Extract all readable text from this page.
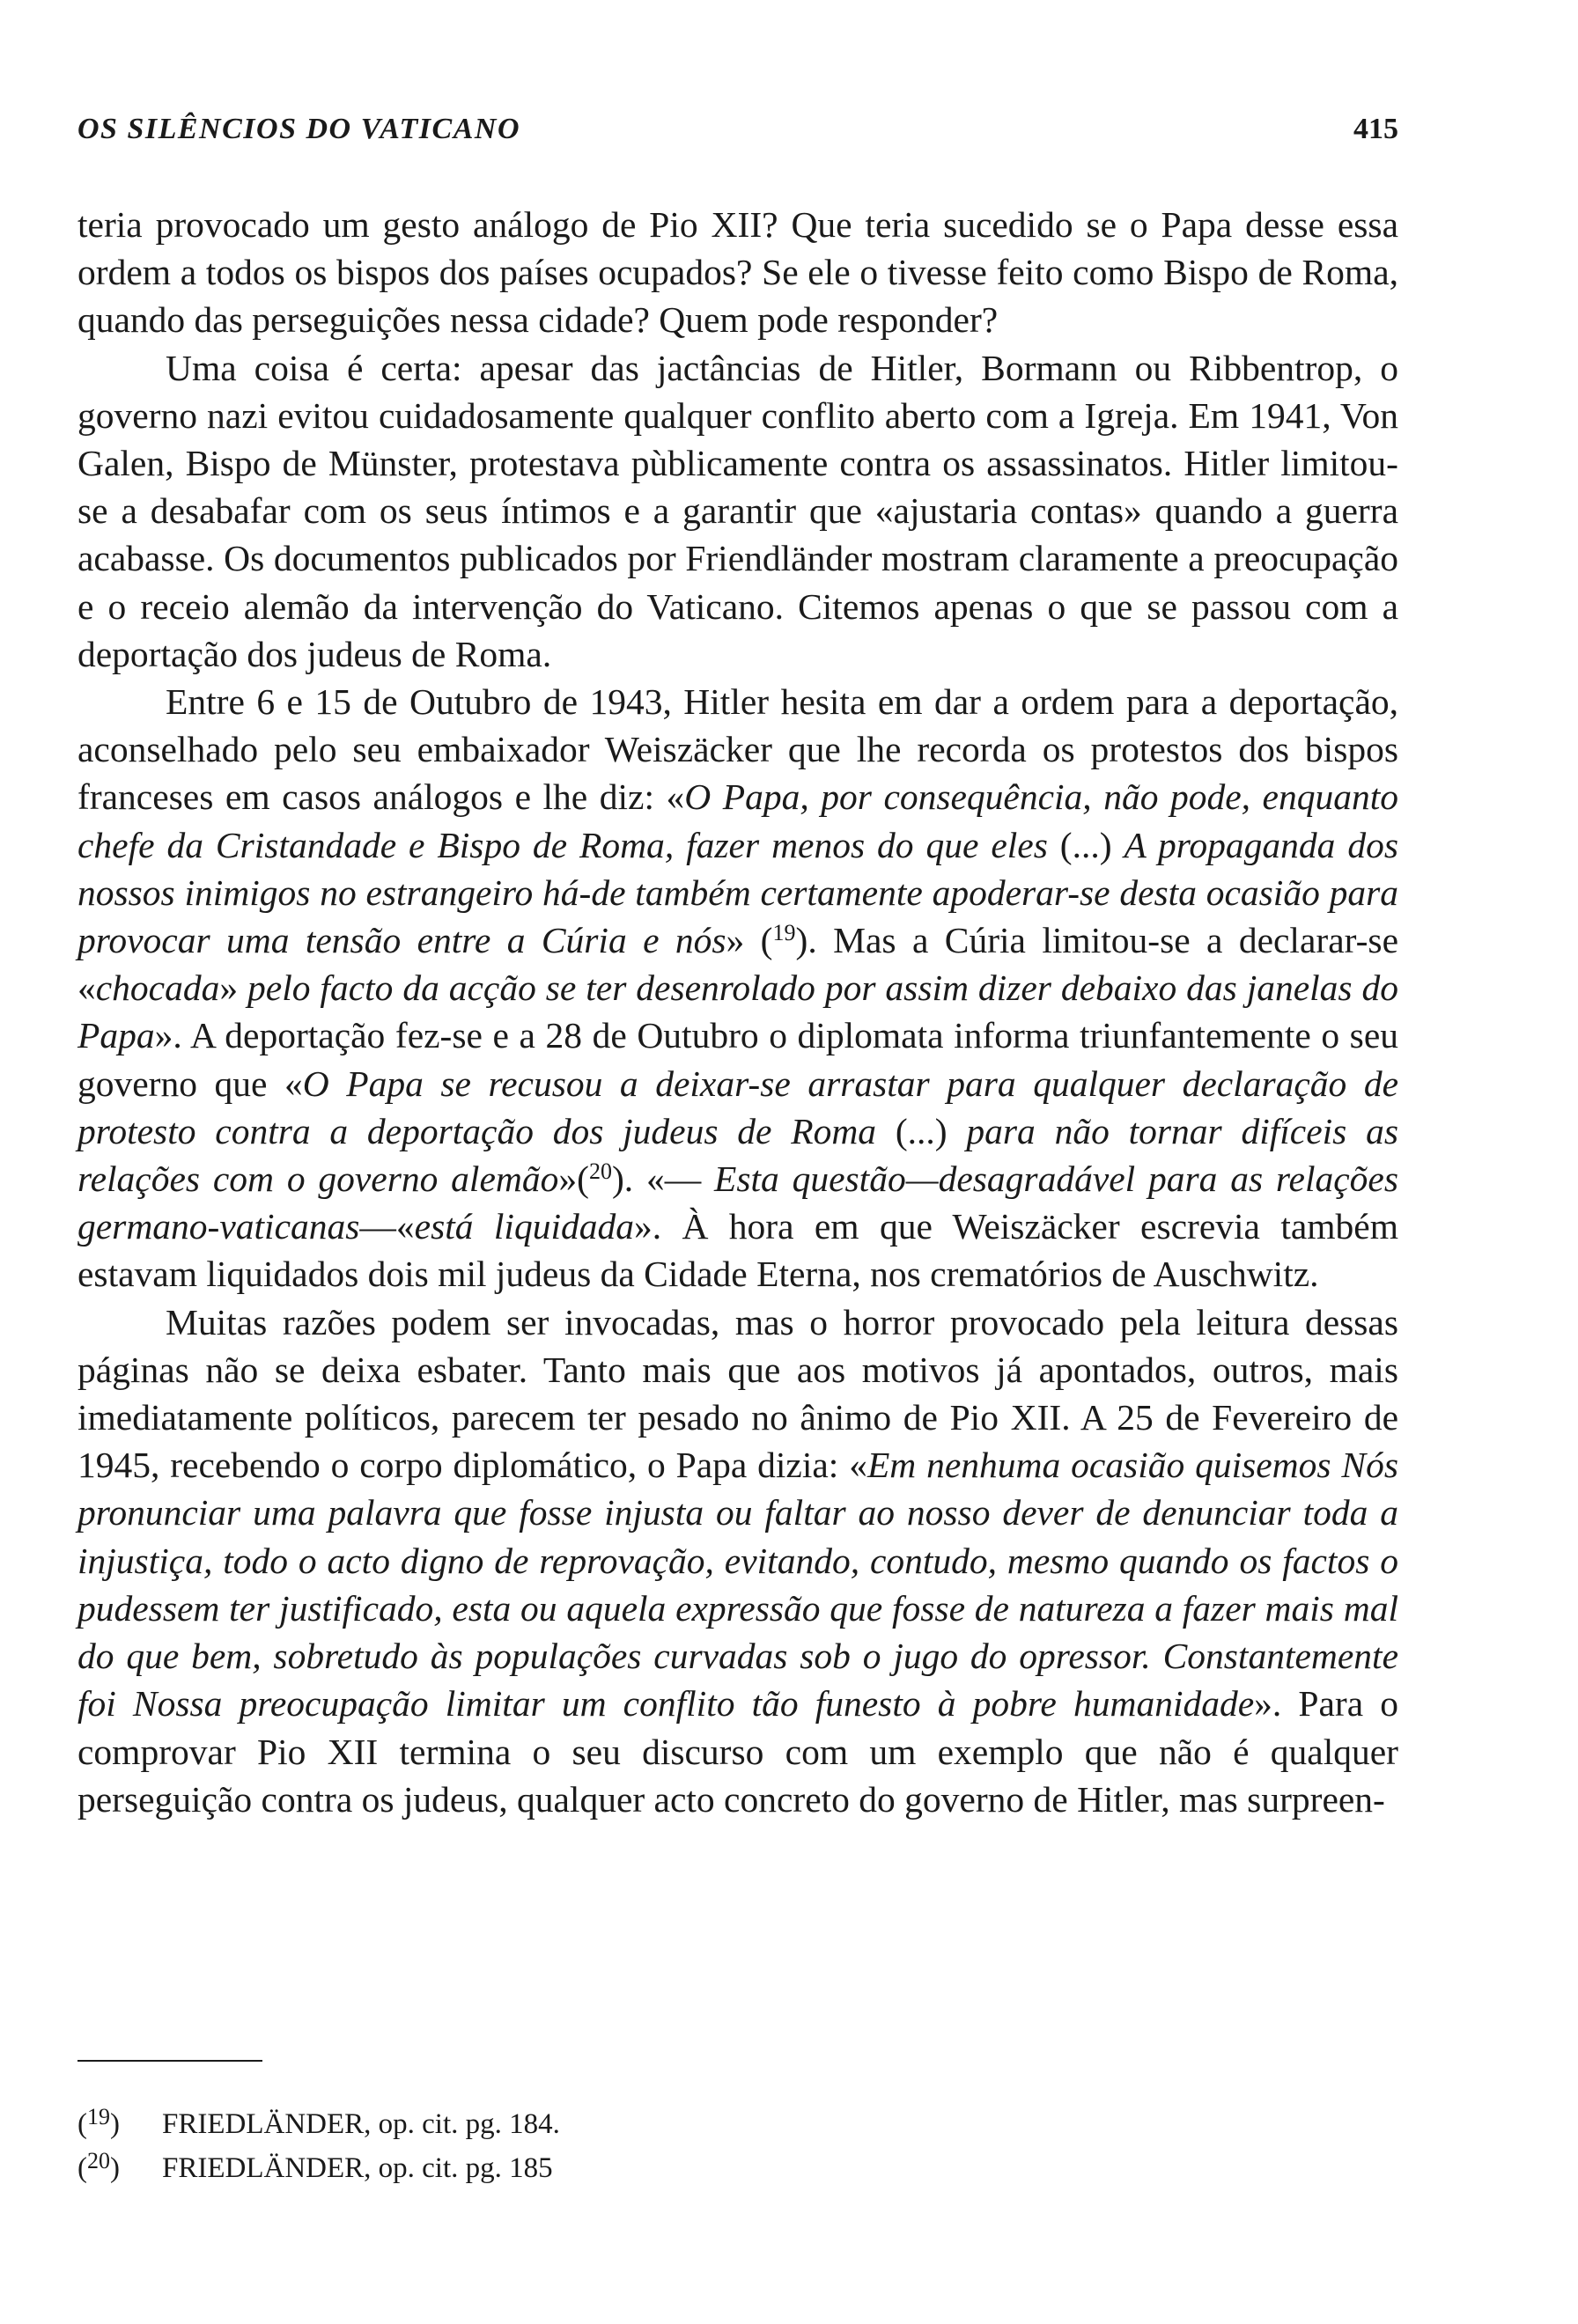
OS SILÊNCIOS DO VATICANO	415

teria provocado um gesto análogo de Pio XII? Que teria sucedido se o Papa desse essa ordem a todos os bispos dos países ocupados? Se ele o tivesse feito como Bispo de Roma, quando das perseguições nessa cidade? Quem pode responder?

Uma coisa é certa: apesar das jactâncias de Hitler, Bormann ou Ribbentrop, o governo nazi evitou cuidadosamente qualquer conflito aberto com a Igreja. Em 1941, Von Galen, Bispo de Münster, protestava pùblicamente contra os assassinatos. Hitler limitou-se a desabafar com os seus íntimos e a garantir que «ajustaria contas» quando a guerra acabasse. Os documentos publicados por Friendländer mostram claramente a preocupação e o receio alemão da intervenção do Vaticano. Citemos apenas o que se passou com a deportação dos judeus de Roma.

Entre 6 e 15 de Outubro de 1943, Hitler hesita em dar a ordem para a deportação, aconselhado pelo seu embaixador Weiszäcker que lhe recorda os protestos dos bispos franceses em casos análogos e lhe diz: «O Papa, por consequência, não pode, enquanto chefe da Cristandade e Bispo de Roma, fazer menos do que eles (...) A propaganda dos nossos inimigos no estrangeiro há-de também certamente apoderar-se desta ocasião para provocar uma tensão entre a Cúria e nós» ($^{19}$). Mas a Cúria limitou-se a declarar-se «chocada» pelo facto da acção se ter desenrolado por assim dizer debaixo das janelas do Papa». A deportação fez-se e a 28 de Outubro o diplomata informa triunfantemente o seu governo que «O Papa se recusou a deixar-se arrastar para qualquer declaração de protesto contra a deportação dos judeus de Roma (...) para não tornar difíceis as relações com o governo alemão»($^{20}$). «— Esta questão—desagradável para as relações germano-vaticanas—«está liquidada». À hora em que Weiszäcker escrevia também estavam liquidados dois mil judeus da Cidade Eterna, nos crematórios de Auschwitz.

Muitas razões podem ser invocadas, mas o horror provocado pela leitura dessas páginas não se deixa esbater. Tanto mais que aos motivos já apontados, outros, mais imediatamente políticos, parecem ter pesado no ânimo de Pio XII. A 25 de Fevereiro de 1945, recebendo o corpo diplomático, o Papa dizia: «Em nenhuma ocasião quisemos Nós pronunciar uma palavra que fosse injusta ou faltar ao nosso dever de denunciar toda a injustiça, todo o acto digno de reprovação, evitando, contudo, mesmo quando os factos o pudessem ter justificado, esta ou aquela expressão que fosse de natureza a fazer mais mal do que bem, sobretudo às populações curvadas sob o jugo do opressor. Constantemente foi Nossa preocupação limitar um conflito tão funesto à pobre humanidade». Para o comprovar Pio XII termina o seu discurso com um exemplo que não é qualquer perseguição contra os judeus, qualquer acto concreto do governo de Hitler, mas surpreen-

($^{19}$)	FRIEDLÄNDER, op. cit. pg. 184.
($^{20}$)	FRIEDLÄNDER, op. cit. pg. 185
